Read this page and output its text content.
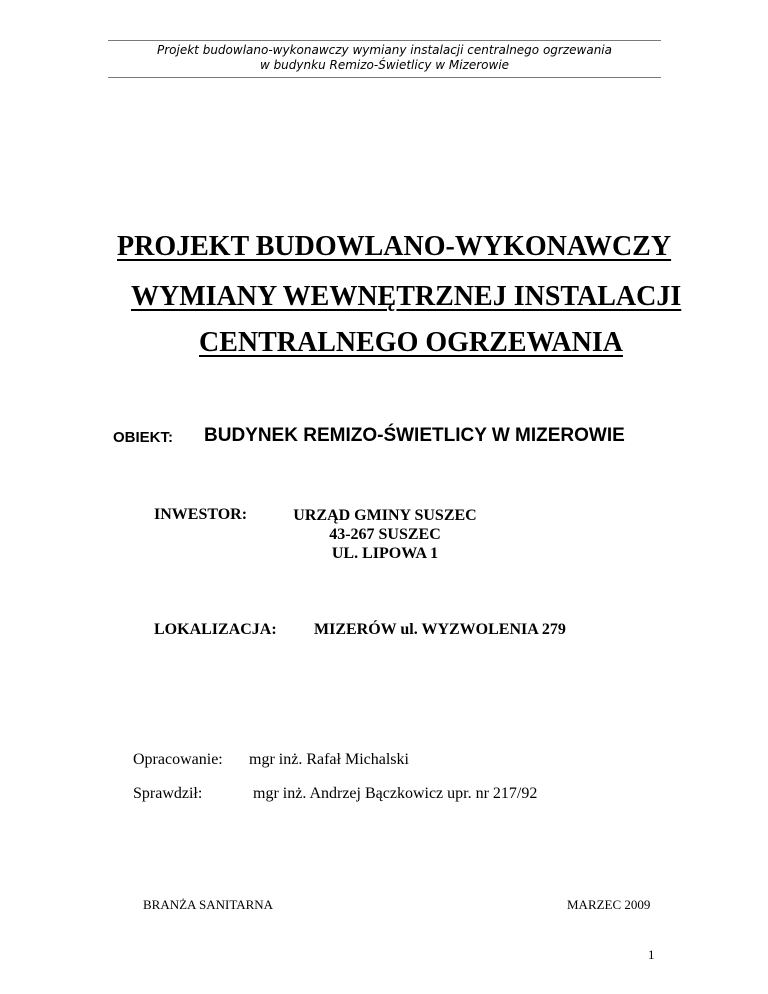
Projekt budowlano-wykonawczy wymiany instalacji centralnego ogrzewania
w budynku Remizo-Świetlicy w Mizerowie
PROJEKT BUDOWLANO-WYKONAWCZY
WYMIANY WEWNĘTRZNEJ INSTALACJI
CENTRALNEGO OGRZEWANIA
OBIEKT: BUDYNEK REMIZO-ŚWIETLICY W MIZEROWIE
INWESTOR:	URZĄD GMINY SUSZEC
43-267 SUSZEC
UL. LIPOWA 1
LOKALIZACJA: MIZERÓW ul. WYZWOLENIA 279
Opracowanie: mgr inż. Rafał Michalski
Sprawdził:	mgr inż. Andrzej Bączkowicz upr. nr 217/92
BRANŻA SANITARNA	MARZEC 2009
1
